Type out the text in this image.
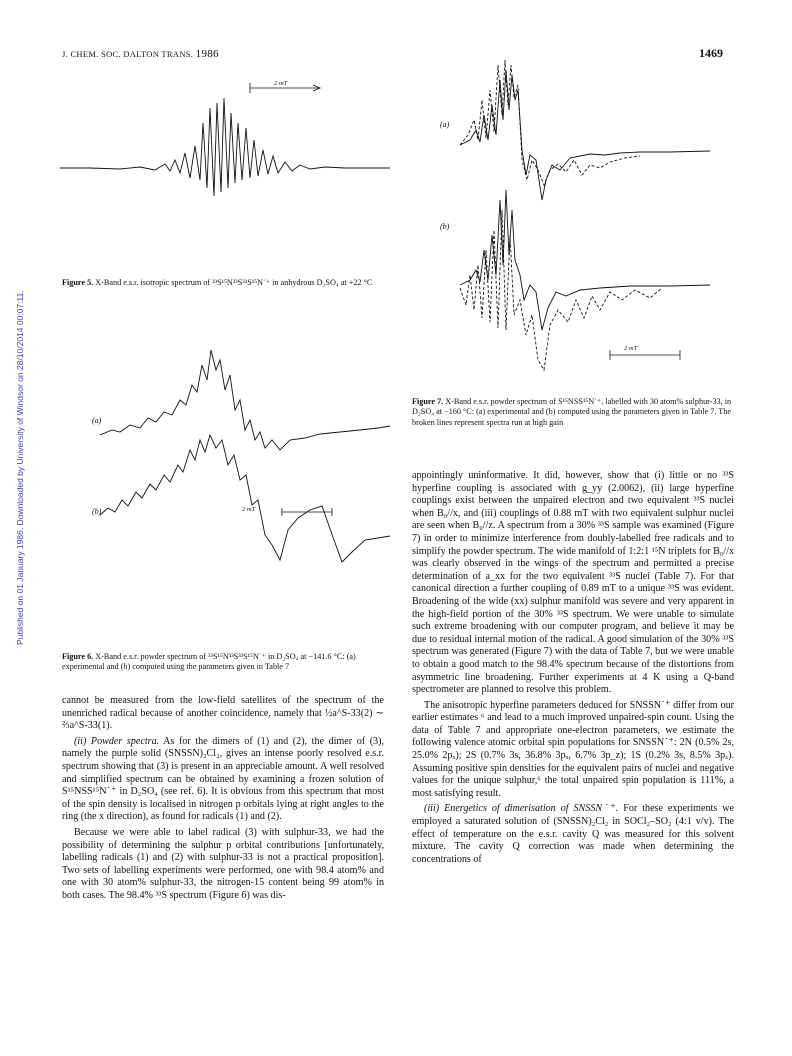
J. CHEM. SOC. DALTON TRANS. 1986	1469
Published on 01 January 1986. Downloaded by University of Windsor on 28/10/2014 00:07:11.
2 mT
Figure 5. X-Band e.s.r. isotropic spectrum of ³³S¹⁵N³³S³³S¹⁵N˙⁺ in anhydrous D₂SO₄ at +22 °C
(a)
(b)	2 mT
Figure 6. X-Band e.s.r. powder spectrum of ³³S¹⁵N³³S³³S¹⁵N˙⁺ in D₂SO₄ at −141.6 °C: (a) experimental and (b) computed using the parameters given in Table 7

cannot be measured from the low-field satellites of the spectrum of the unenriched radical because of another coincidence, namely that ½a^S-33(2) ∼ ⅔a^S-33(1).

(ii) Powder spectra. As for the dimers of (1) and (2), the dimer of (3), namely the purple solid (SNSSN)₂Cl₂, gives an intense poorly resolved e.s.r. spectrum showing that (3) is present in an appreciable amount. A well resolved and simplified spectrum can be obtained by examining a frozen solution of S¹⁵NSS¹⁵N˙⁺ in D₂SO₄ (see ref. 6). It is obvious from this spectrum that most of the spin density is localised in nitrogen p orbitals lying at right angles to the ring (the x direction), as found for radicals (1) and (2).

Because we were able to label radical (3) with sulphur-33, we had the possibility of determining the sulphur p orbital contributions [unfortunately, labelling radicals (1) and (2) with sulphur-33 is not a practical proposition]. Two sets of labelling experiments were performed, one with 98.4 atom% and one with 30 atom% sulphur-33, the nitrogen-15 content being 99 atom% in both cases. The 98.4% ³³S spectrum (Figure 6) was dis-

(a)
(b)
2 mT
Figure 7. X-Band e.s.r. powder spectrum of S¹⁵NSS¹⁵N˙⁺, labelled with 30 atom% sulphur-33, in D₂SO₄ at −160 °C: (a) experimental and (b) computed using the parameters given in Table 7. The broken lines represent spectra run at high gain

appointingly uninformative. It did, however, show that (i) little or no ³³S hyperfine coupling is associated with g_yy (2.0062), (ii) large hyperfine couplings exist between the unpaired electron and two equivalent ³³S nuclei when B₀//x, and (iii) couplings of 0.88 mT with two equivalent sulphur nuclei are seen when B₀//z. A spectrum from a 30% ³³S sample was examined (Figure 7) in order to minimize interference from doubly-labelled free radicals and to simplify the powder spectrum. The wide manifold of 1:2:1 ¹⁵N triplets for B₀//x was clearly observed in the wings of the spectrum and permitted a precise determination of a_xx for the two equivalent ³³S nuclei (Table 7). For that canonical direction a further coupling of 0.89 mT to a unique ³³S was evident. Broadening of the wide (xx) sulphur manifold was severe and very apparent in the high-field portion of the 30% ³³S spectrum. We were unable to simulate such extreme broadening with our computer program, and believe it may be due to residual internal motion of the radical. A good simulation of the 30% ³³S spectrum was generated (Figure 7) with the data of Table 7, but we were unable to obtain a good match to the 98.4% spectrum because of the distortions from asymmetric line broadening. Further experiments at 4 K using a Q-band spectrometer are planned to resolve this problem.

The anisotropic hyperfine parameters deduced for SNSSN˙⁺ differ from our earlier estimates ⁶ and lead to a much improved unpaired-spin count. Using the data of Table 7 and appropriate one-electron parameters, we estimate the following valence atomic orbital spin populations for SNSSN˙⁺: 2N (0.5% 2s, 25.0% 2pₓ); 2S (0.7% 3s, 36.8% 3pₓ, 6.7% 3p_z); 1S (0.2% 3s, 8.5% 3pₓ). Assuming positive spin densities for the equivalent pairs of nuclei and negative values for the unique sulphur,⁶ the total unpaired spin population is 111%, a most satisfying result.

(iii) Energetics of dimerisation of SNSSN˙⁺. For these experiments we employed a saturated solution of (SNSSN)₂Cl₂ in SOCl₂–SO₂ (4:1 v/v). The effect of temperature on the e.s.r. cavity Q was measured for this solvent mixture. The cavity Q correction was made when determining the concentrations of
